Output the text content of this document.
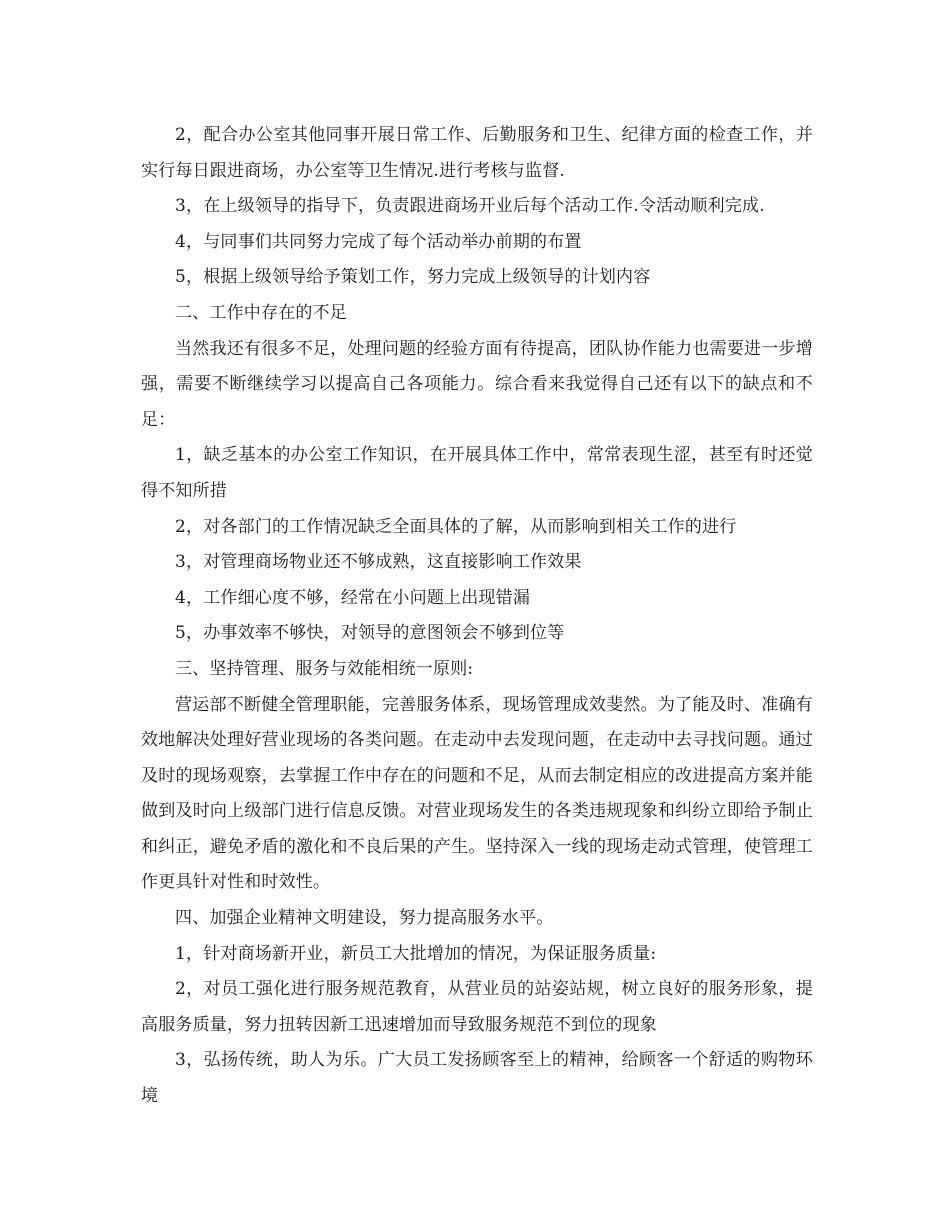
2，配合办公室其他同事开展日常工作、后勤服务和卫生、纪律方面的检查工作，并实行每日跟进商场，办公室等卫生情况.进行考核与监督.

3，在上级领导的指导下，负责跟进商场开业后每个活动工作.令活动顺利完成.

4，与同事们共同努力完成了每个活动举办前期的布置

5，根据上级领导给予策划工作，努力完成上级领导的计划内容

二、工作中存在的不足

当然我还有很多不足，处理问题的经验方面有待提高，团队协作能力也需要进一步增强，需要不断继续学习以提高自己各项能力。综合看来我觉得自己还有以下的缺点和不足：

1，缺乏基本的办公室工作知识，在开展具体工作中，常常表现生涩，甚至有时还觉得不知所措

2，对各部门的工作情况缺乏全面具体的了解，从而影响到相关工作的进行

3，对管理商场物业还不够成熟，这直接影响工作效果

4，工作细心度不够，经常在小问题上出现错漏

5，办事效率不够快，对领导的意图领会不够到位等

三、坚持管理、服务与效能相统一原则:

营运部不断健全管理职能，完善服务体系，现场管理成效斐然。为了能及时、准确有效地解决处理好营业现场的各类问题。在走动中去发现问题，在走动中去寻找问题。通过及时的现场观察，去掌握工作中存在的问题和不足，从而去制定相应的改进提高方案并能做到及时向上级部门进行信息反馈。对营业现场发生的各类违规现象和纠纷立即给予制止和纠正，避免矛盾的激化和不良后果的产生。坚持深入一线的现场走动式管理，使管理工作更具针对性和时效性。

四、加强企业精神文明建设，努力提高服务水平。

1，针对商场新开业，新员工大批增加的情况，为保证服务质量:

2，对员工强化进行服务规范教育，从营业员的站姿站规，树立良好的服务形象，提高服务质量，努力扭转因新工迅速增加而导致服务规范不到位的现象

3，弘扬传统，助人为乐。广大员工发扬顾客至上的精神，给顾客一个舒适的购物环境
